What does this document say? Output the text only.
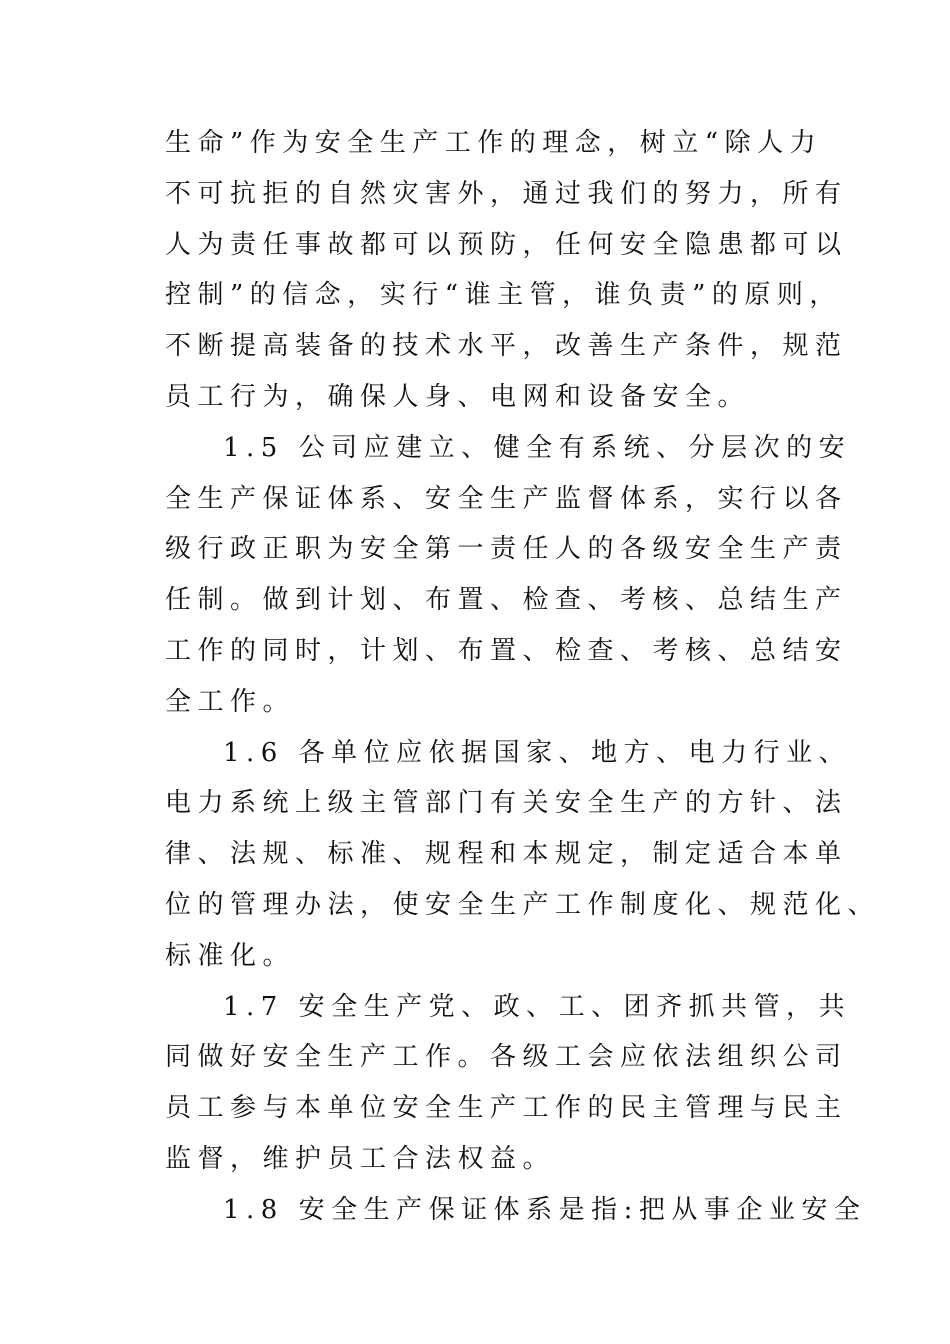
生命”作为安全生产工作的理念，树立“除人力
不可抗拒的自然灾害外，通过我们的努力，所有
人为责任事故都可以预防，任何安全隐患都可以
控制”的信念，实行“谁主管，谁负责”的原则，
不断提高装备的技术水平，改善生产条件，规范
员工行为，确保人身、电网和设备安全。
1.5 公司应建立、健全有系统、分层次的安
全生产保证体系、安全生产监督体系，实行以各
级行政正职为安全第一责任人的各级安全生产责
任制。做到计划、布置、检查、考核、总结生产
工作的同时，计划、布置、检查、考核、总结安
全工作。
1.6 各单位应依据国家、地方、电力行业、
电力系统上级主管部门有关安全生产的方针、法
律、法规、标准、规程和本规定，制定适合本单
位的管理办法，使安全生产工作制度化、规范化、
标准化。
1.7 安全生产党、政、工、团齐抓共管，共
同做好安全生产工作。各级工会应依法组织公司
员工参与本单位安全生产工作的民主管理与民主
监督，维护员工合法权益。
1.8 安全生产保证体系是指:把从事企业安全
